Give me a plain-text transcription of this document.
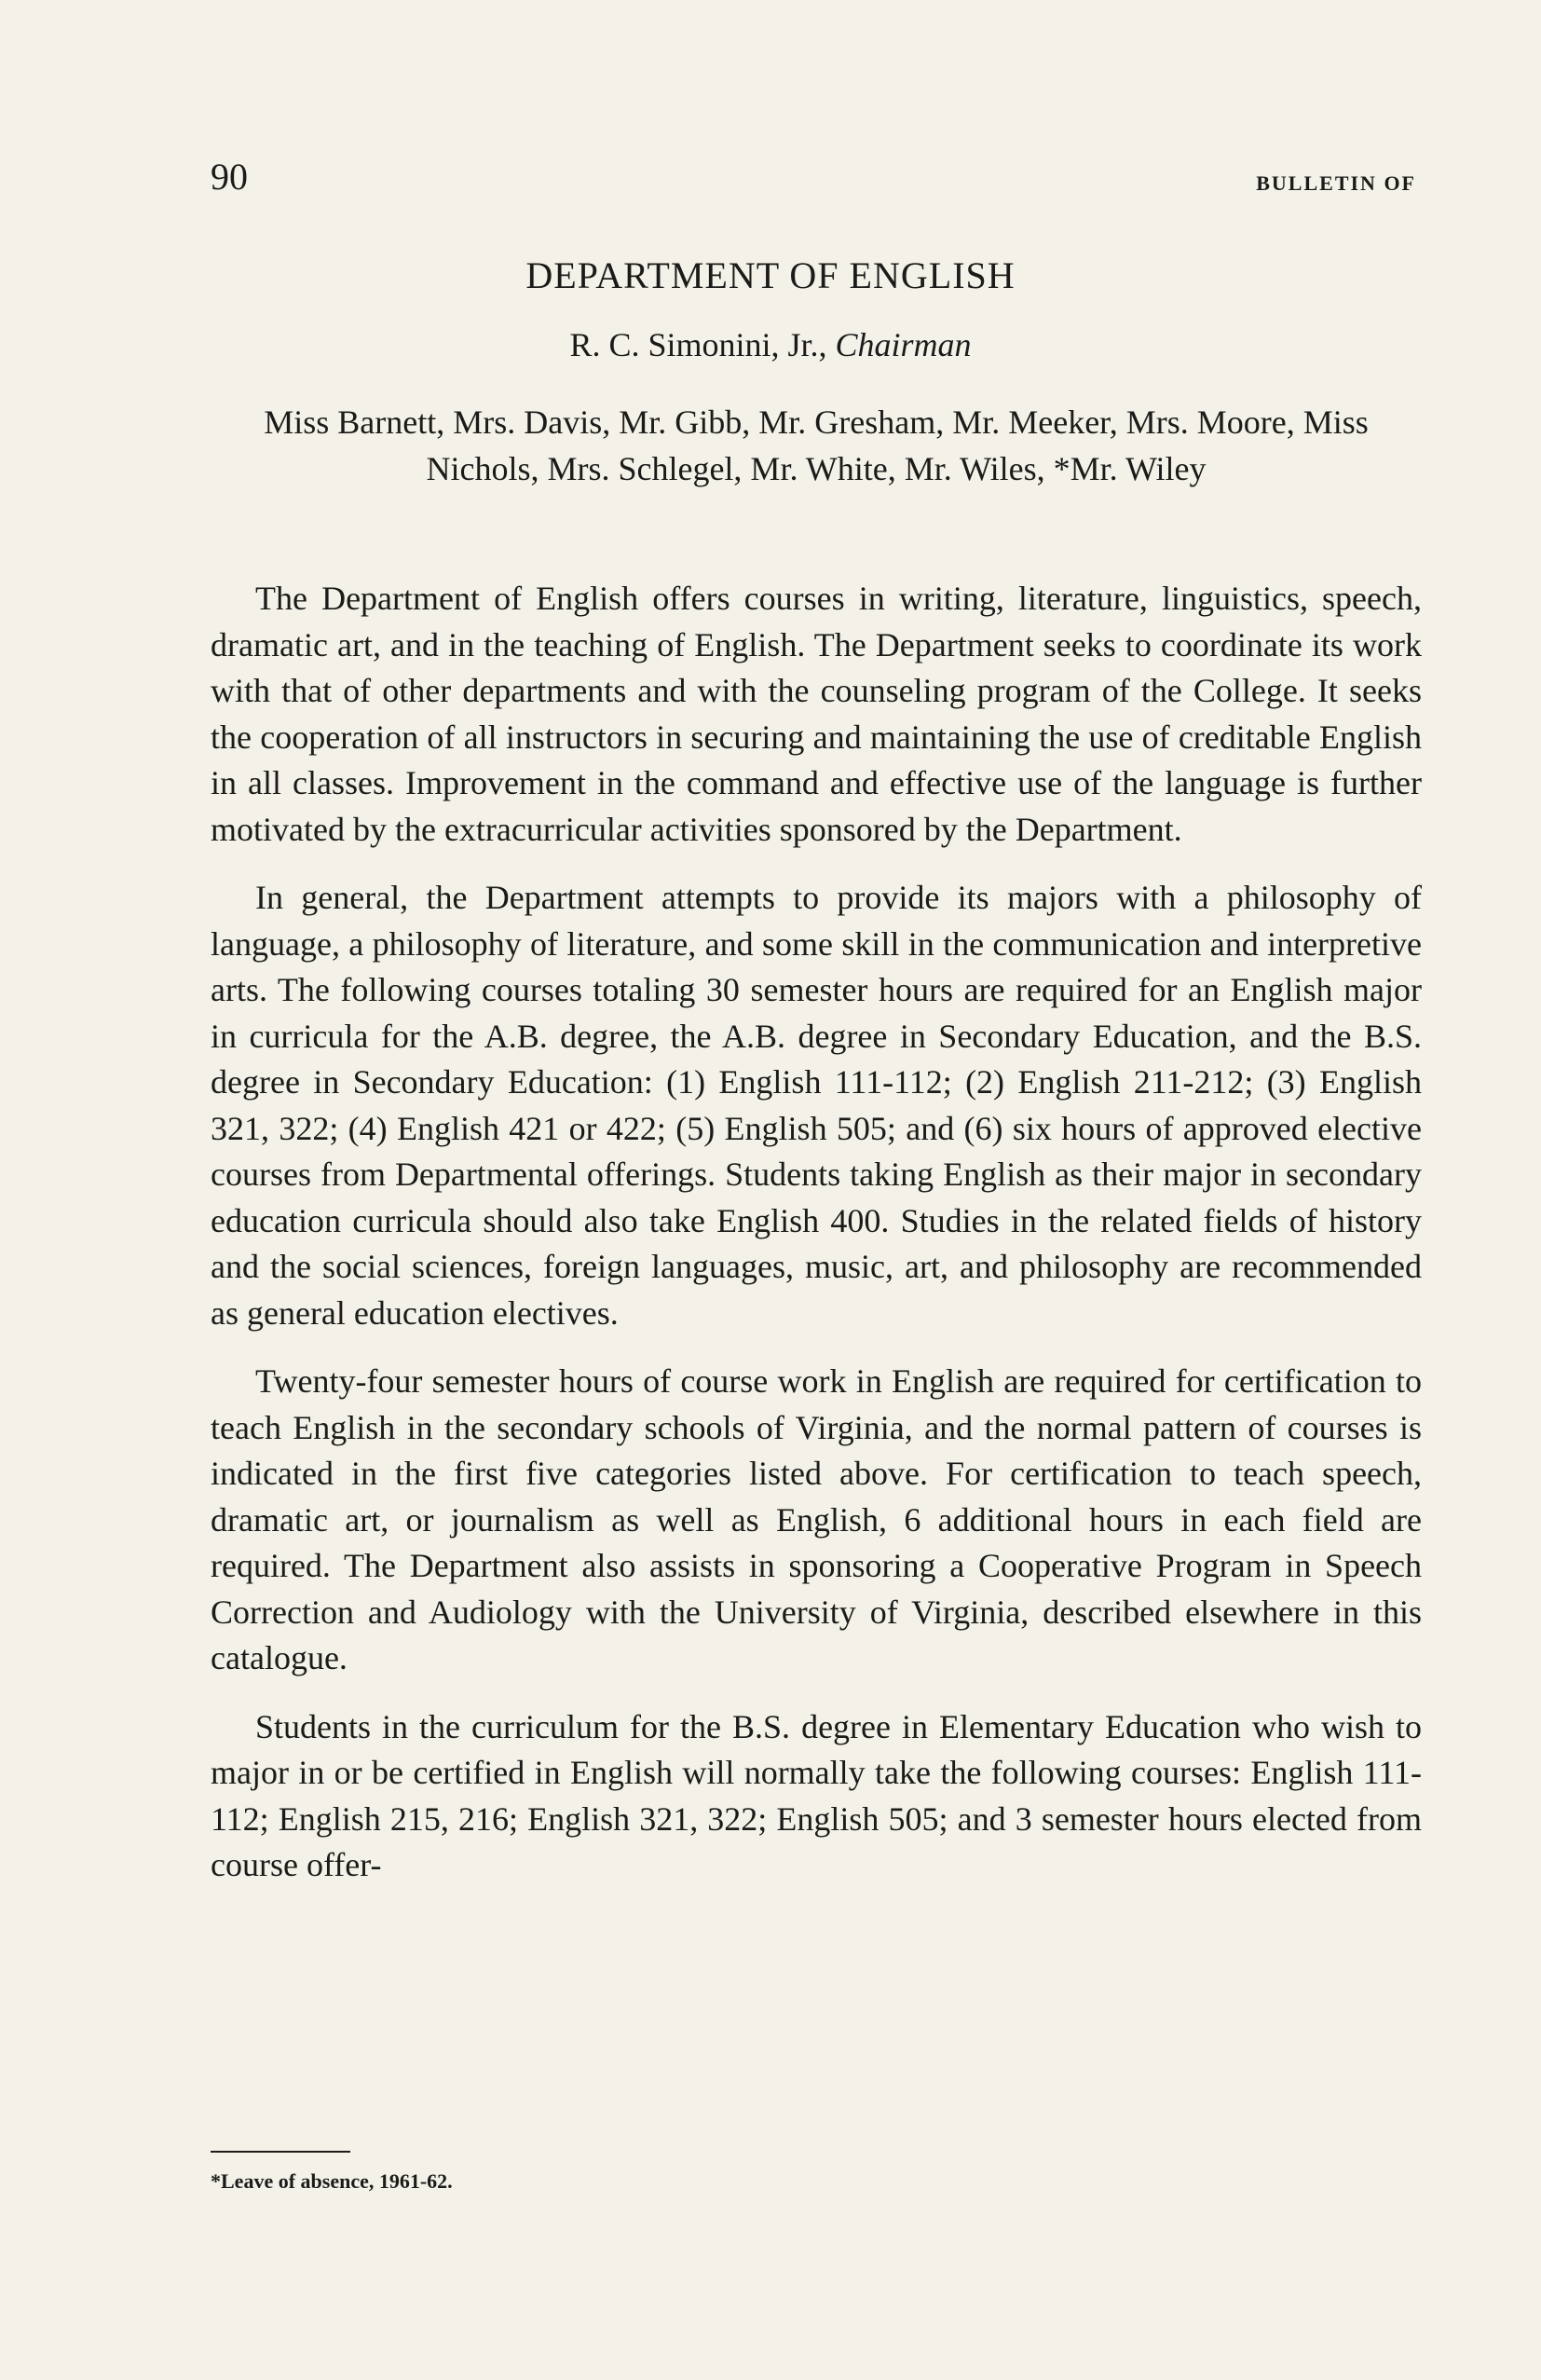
90	BULLETIN OF
DEPARTMENT OF ENGLISH
R. C. Simonini, Jr., Chairman
Miss Barnett, Mrs. Davis, Mr. Gibb, Mr. Gresham, Mr. Meeker, Mrs. Moore, Miss Nichols, Mrs. Schlegel, Mr. White, Mr. Wiles, *Mr. Wiley

The Department of English offers courses in writing, literature, linguistics, speech, dramatic art, and in the teaching of English. The Department seeks to coordinate its work with that of other departments and with the counseling program of the College. It seeks the cooperation of all instructors in securing and maintaining the use of creditable English in all classes. Improvement in the command and effective use of the language is further motivated by the extracurricular activities sponsored by the Department.

In general, the Department attempts to provide its majors with a philosophy of language, a philosophy of literature, and some skill in the communication and interpretive arts. The following courses totaling 30 semester hours are required for an English major in curricula for the A.B. degree, the A.B. degree in Secondary Education, and the B.S. degree in Secondary Education: (1) English 111-112; (2) English 211-212; (3) English 321, 322; (4) English 421 or 422; (5) English 505; and (6) six hours of approved elective courses from Departmental offerings. Students taking English as their major in secondary education curricula should also take English 400. Studies in the related fields of history and the social sciences, foreign languages, music, art, and philosophy are recommended as general education electives.

Twenty-four semester hours of course work in English are required for certification to teach English in the secondary schools of Virginia, and the normal pattern of courses is indicated in the first five categories listed above. For certification to teach speech, dramatic art, or journalism as well as English, 6 additional hours in each field are required. The Department also assists in sponsoring a Cooperative Program in Speech Correction and Audiology with the University of Virginia, described elsewhere in this catalogue.

Students in the curriculum for the B.S. degree in Elementary Education who wish to major in or be certified in English will normally take the following courses: English 111-112; English 215, 216; English 321, 322; English 505; and 3 semester hours elected from course offer-

*Leave of absence, 1961-62.
